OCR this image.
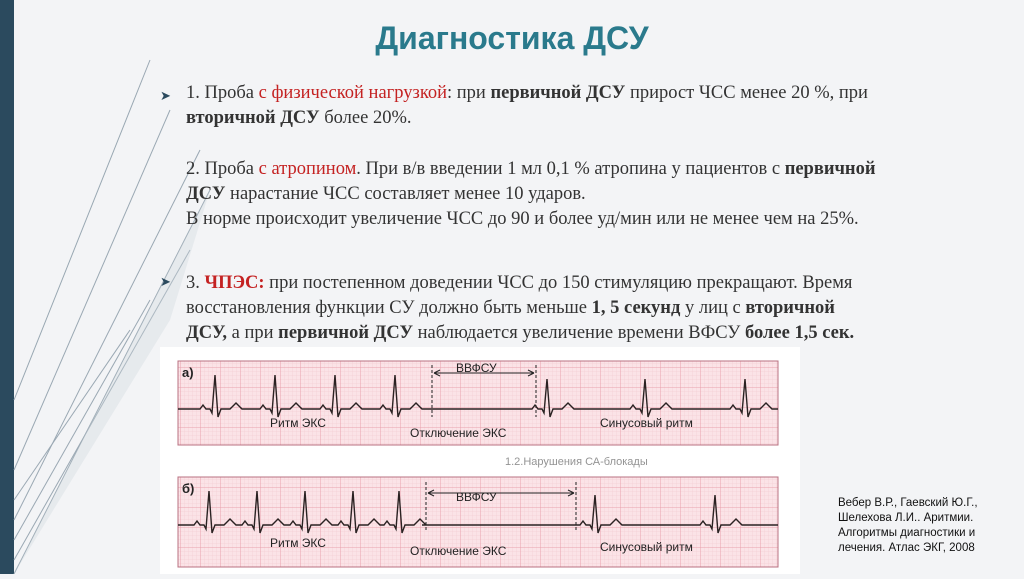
Диагностика ДСУ
➤ 1. Проба с физической нагрузкой: при первичной ДСУ прирост ЧСС менее 20 %, при
вторичной ДСУ более 20%.
2. Проба с атропином. При в/в введении 1 мл 0,1 % атропина у пациентов с первичной
ДСУ нарастание ЧСС составляет менее 10 ударов.
В норме происходит увеличение ЧСС до 90 и более уд/мин или не менее чем на 25%.
➤ 3. ЧПЭС: при постепенном доведении ЧСС до 150 стимуляцию прекращают. Время
восстановления функции СУ должно быть меньше 1, 5 секунд у лиц с вторичной
ДСУ, а при первичной ДСУ наблюдается увеличение времени ВФСУ более 1,5 сек.
а)
б)
ВВФСУ
ВВФСУ
Ритм ЭКС
Отключение ЭКС
Синусовый ритм
1.2.Нарушения СА-блокады
Ритм ЭКС
Отключение ЭКС	Синусовый ритм
Вебер В.Р., Гаевский Ю.Г.,
Шелехова Л.И.. Аритмии.
Алгоритмы диагностики и
лечения. Атлас ЭКГ, 2008
